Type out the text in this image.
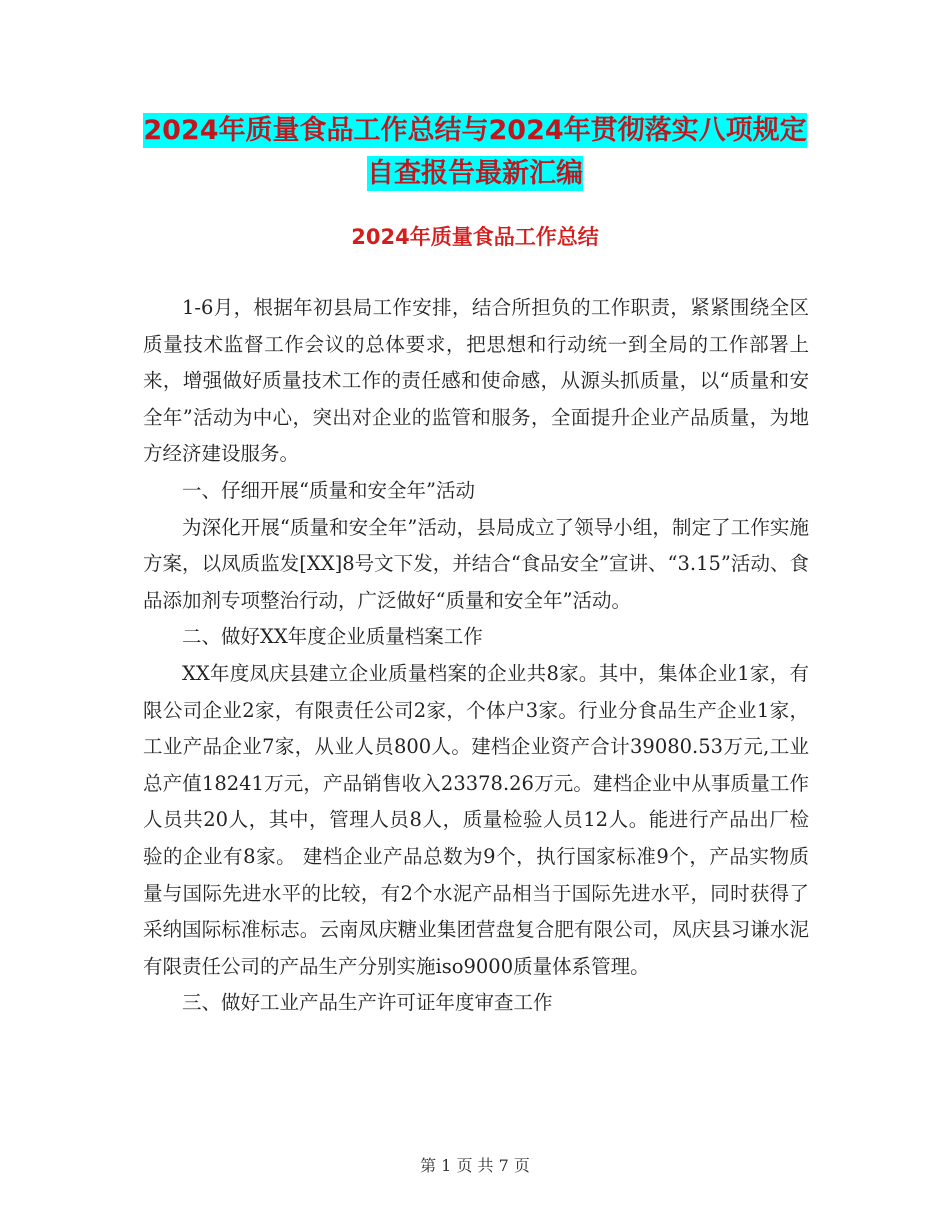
2024年质量食品工作总结与2024年贯彻落实八项规定
自查报告最新汇编
2024年质量食品工作总结

1-6月，根据年初县局工作安排，结合所担负的工作职责，紧紧围绕全区质量技术监督工作会议的总体要求，把思想和行动统一到全局的工作部署上来，增强做好质量技术工作的责任感和使命感，从源头抓质量，以“质量和安全年”活动为中心，突出对企业的监管和服务，全面提升企业产品质量，为地方经济建设服务。

一、仔细开展“质量和安全年”活动

为深化开展“质量和安全年”活动，县局成立了领导小组，制定了工作实施方案，以凤质监发[XX]8号文下发，并结合“食品安全”宣讲、“3.15”活动、食品添加剂专项整治行动，广泛做好“质量和安全年”活动。

二、做好XX年度企业质量档案工作

XX年度凤庆县建立企业质量档案的企业共8家。其中，集体企业1家，有限公司企业2家，有限责任公司2家，个体户3家。行业分食品生产企业1家，工业产品企业7家，从业人员800人。建档企业资产合计39080.53万元,工业总产值18241万元，产品销售收入23378.26万元。建档企业中从事质量工作人员共20人，其中，管理人员8人，质量检验人员12人。能进行产品出厂检验的企业有8家。 建档企业产品总数为9个，执行国家标准9个，产品实物质量与国际先进水平的比较，有2个水泥产品相当于国际先进水平，同时获得了采纳国际标准标志。云南凤庆糖业集团营盘复合肥有限公司，凤庆县习谦水泥有限责任公司的产品生产分别实施iso9000质量体系管理。

三、做好工业产品生产许可证年度审查工作

第 1 页 共 7 页
